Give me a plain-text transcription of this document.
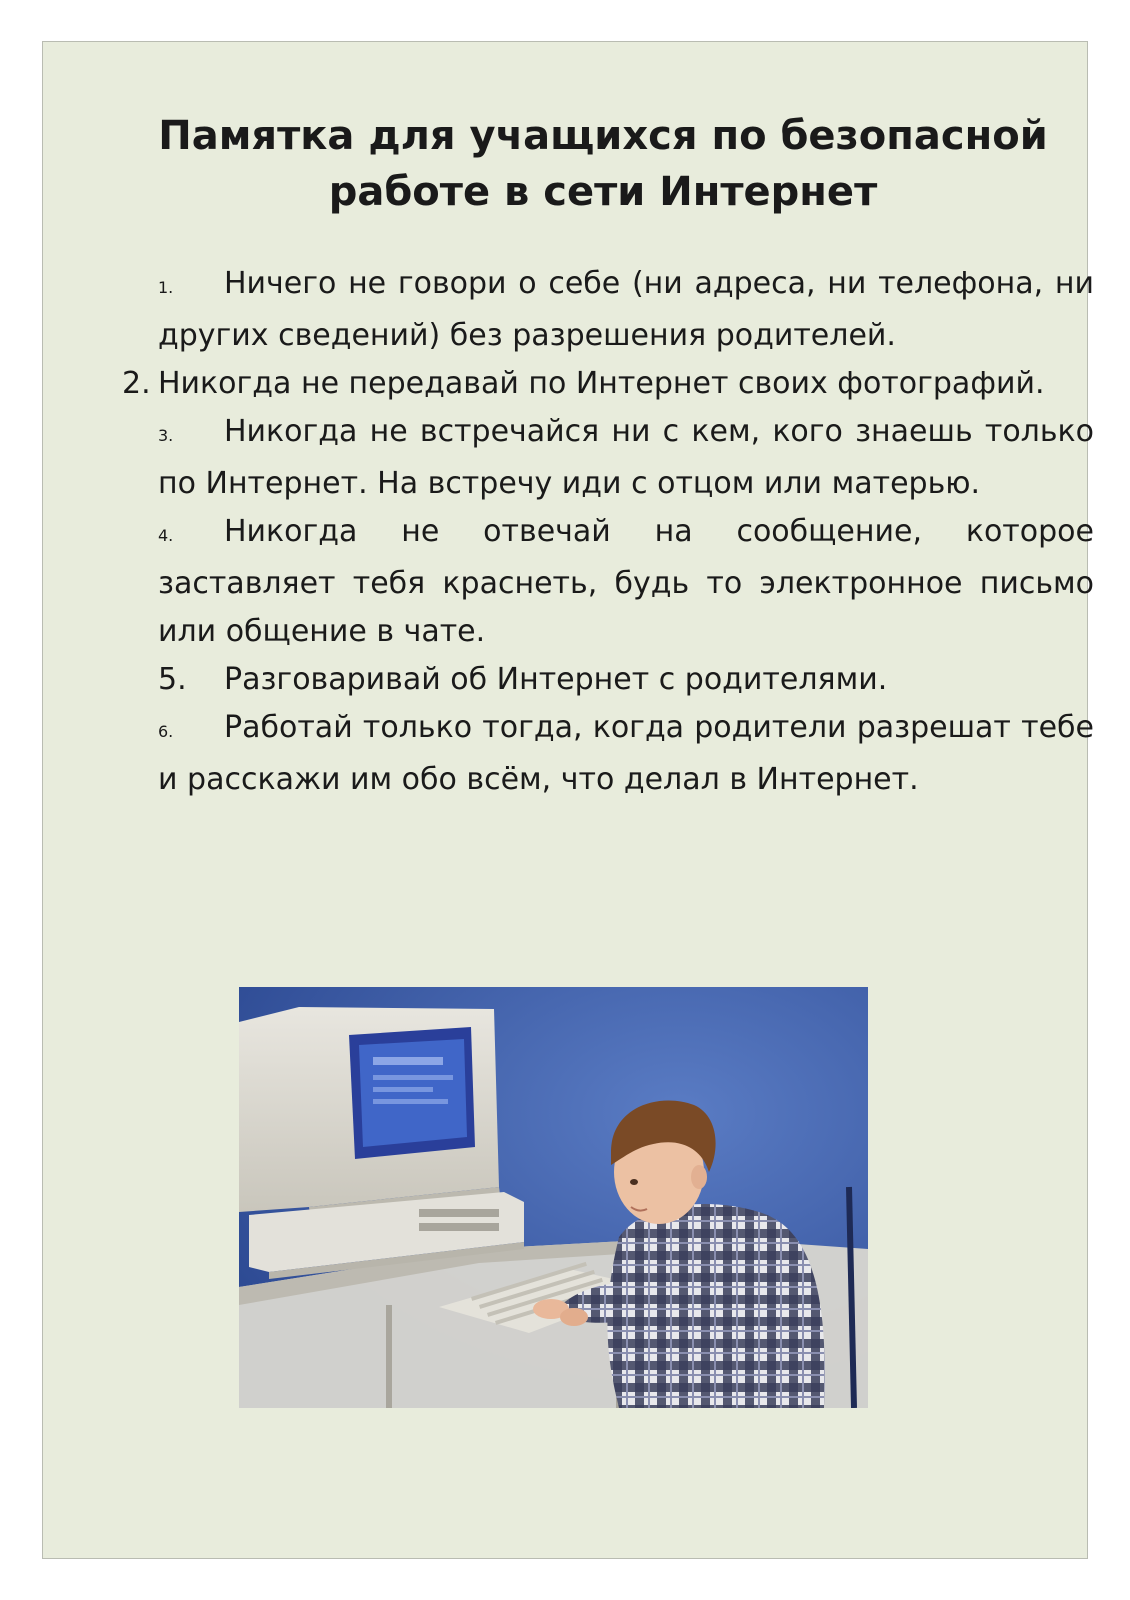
Памятка для учащихся по безопасной
работе в сети Интернет

1. Ничего не говори о себе (ни адреса, ни телефона, ни других сведений) без разрешения родителей.

2. Никогда не передавай по Интернет своих фотографий.

3. Никогда не встречайся ни с кем, кого знаешь только по Интернет. На встречу иди с отцом или матерью.

4. Никогда не отвечай на сообщение, которое заставляет тебя краснеть, будь то электронное письмо или общение в чате.

5. Разговаривай об Интернет с родителями.

6. Работай только тогда, когда родители разрешат тебе и расскажи им обо всём, что делал в Интернет.
